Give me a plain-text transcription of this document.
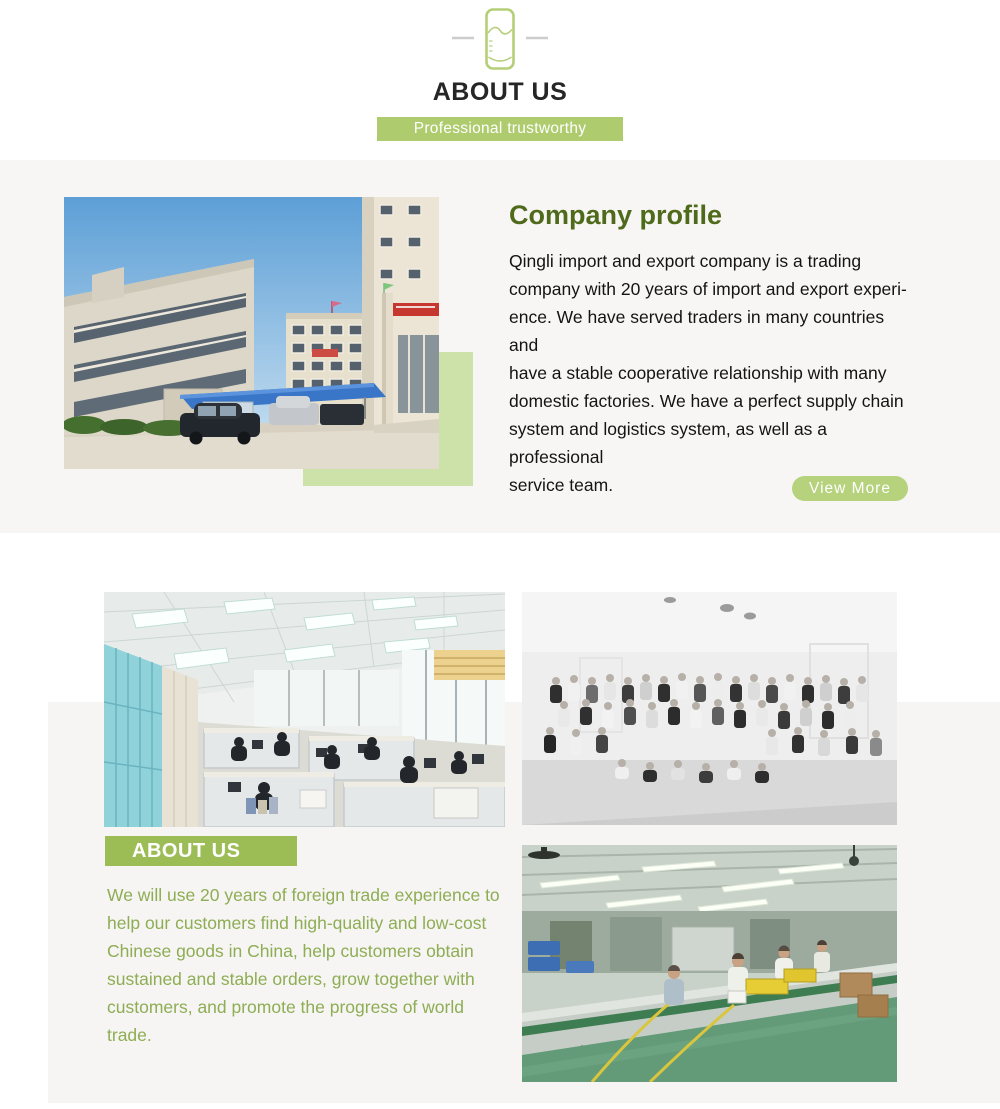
ABOUT US
Professional trustworthy
Company profile
Qingli import and export company is a trading
company with 20 years of import and export experi-
ence. We have served traders in many countries and
have a stable cooperative relationship with many
domestic factories. We have a perfect supply chain
system and logistics system, as well as a professional
service team.	View More
ABOUT US
We will use 20 years of foreign trade experience to
help our customers find high-quality and low-cost
Chinese goods in China, help customers obtain
sustained and stable orders, grow together with
customers, and promote the progress of world
trade.
